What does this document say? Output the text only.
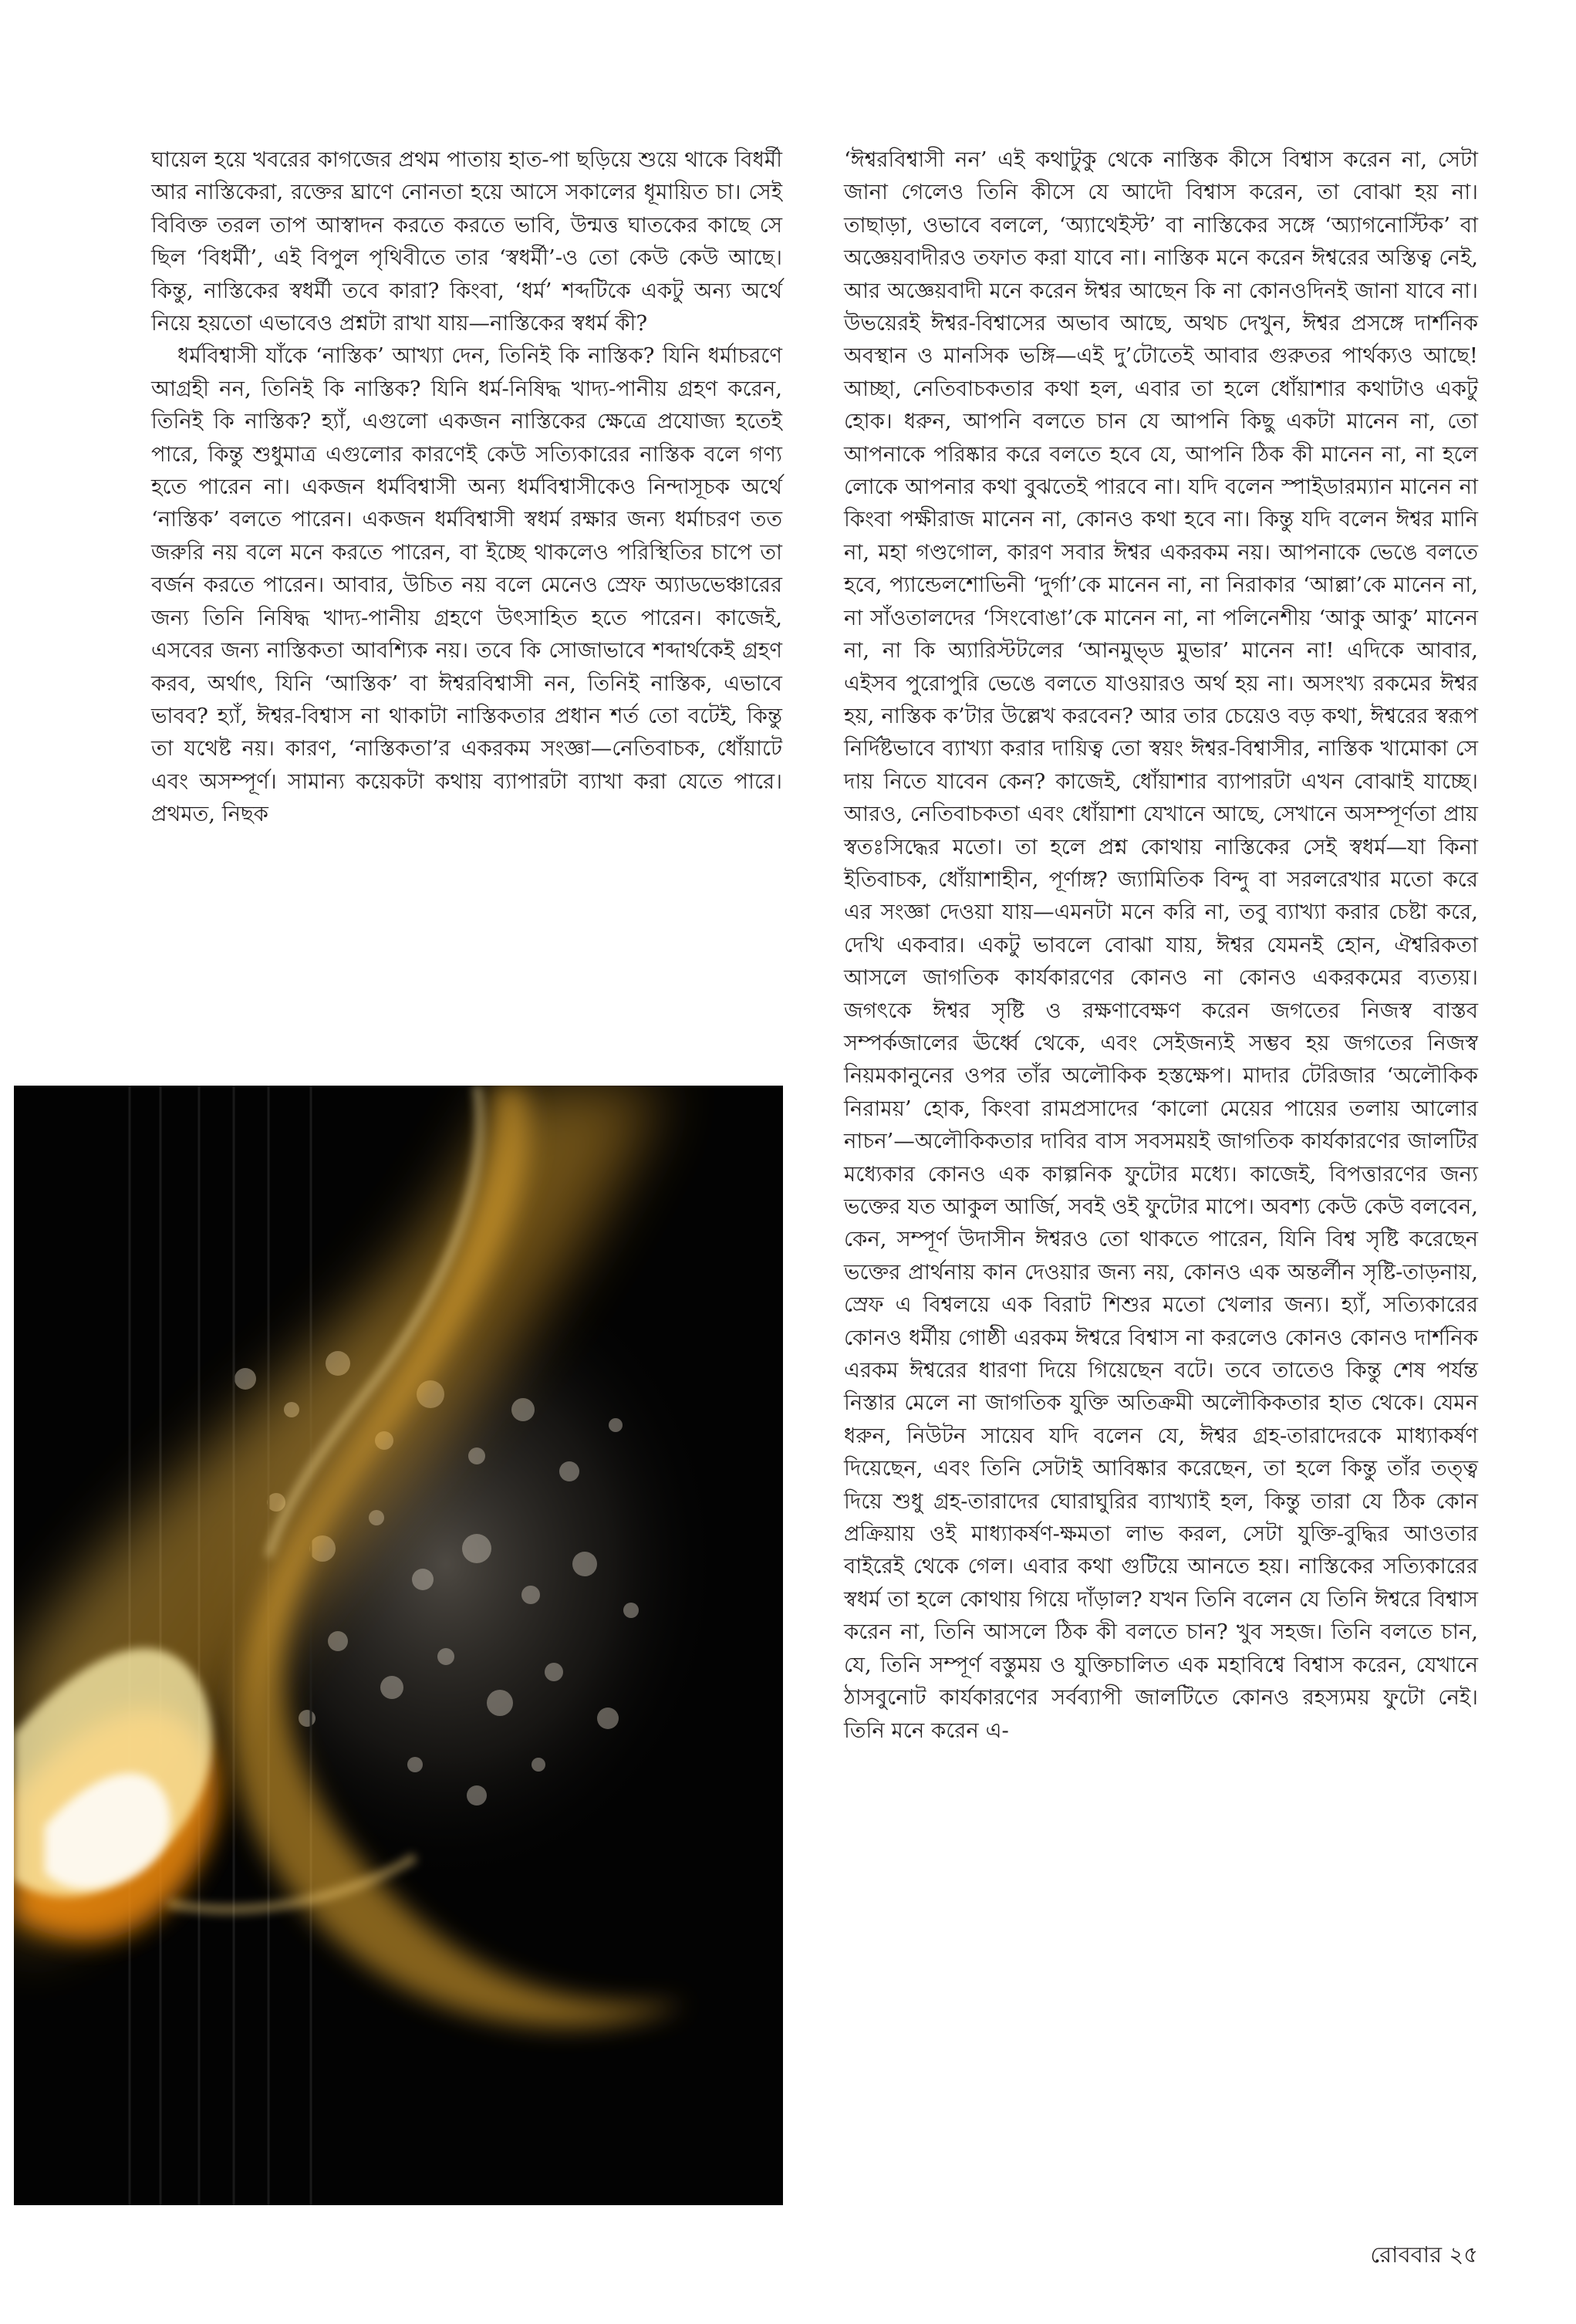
ঘায়েল হয়ে খবরের কাগজের প্রথম পাতায় হাত-পা ছড়িয়ে শুয়ে থাকে বিধর্মী আর নাস্তিকেরা, রক্তের ঘ্রাণে নোনতা হয়ে আসে সকালের ধূমায়িত চা। সেই বিবিক্ত তরল তাপ আস্বাদন করতে করতে ভাবি, উন্মত্ত ঘাতকের কাছে সে ছিল ‘বিধর্মী’, এই বিপুল পৃথিবীতে তার ‘স্বধর্মী’-ও তো কেউ কেউ আছে। কিন্তু, নাস্তিকের স্বধর্মী তবে কারা? কিংবা, ‘ধর্ম’ শব্দটিকে একটু অন্য অর্থে নিয়ে হয়তো এভাবেও প্রশ্নটা রাখা যায়—নাস্তিকের স্বধর্ম কী?

ধর্মবিশ্বাসী যাঁকে ‘নাস্তিক’ আখ্যা দেন, তিনিই কি নাস্তিক? যিনি ধর্মাচরণে আগ্রহী নন, তিনিই কি নাস্তিক? যিনি ধর্ম-নিষিদ্ধ খাদ্য-পানীয় গ্রহণ করেন, তিনিই কি নাস্তিক? হ্যাঁ, এগুলো একজন নাস্তিকের ক্ষেত্রে প্রযোজ্য হতেই পারে, কিন্তু শুধুমাত্র এগুলোর কারণেই কেউ সত্যিকারের নাস্তিক বলে গণ্য হতে পারেন না। একজন ধর্মবিশ্বাসী অন্য ধর্মবিশ্বাসীকেও নিন্দাসূচক অর্থে ‘নাস্তিক’ বলতে পারেন। একজন ধর্মবিশ্বাসী স্বধর্ম রক্ষার জন্য ধর্মাচরণ তত জরুরি নয় বলে মনে করতে পারেন, বা ইচ্ছে থাকলেও পরিস্থিতির চাপে তা বর্জন করতে পারেন। আবার, উচিত নয় বলে মেনেও স্রেফ অ্যাডভেঞ্চারের জন্য তিনি নিষিদ্ধ খাদ্য-পানীয় গ্রহণে উৎসাহিত হতে পারেন। কাজেই, এসবের জন্য নাস্তিকতা আবশ্যিক নয়। তবে কি সোজাভাবে শব্দার্থকেই গ্রহণ করব, অর্থাৎ, যিনি ‘আস্তিক’ বা ঈশ্বরবিশ্বাসী নন, তিনিই নাস্তিক, এভাবে ভাবব? হ্যাঁ, ঈশ্বর-বিশ্বাস না থাকাটা নাস্তিকতার প্রধান শর্ত তো বটেই, কিন্তু তা যথেষ্ট নয়। কারণ, ‘নাস্তিকতা’র একরকম সংজ্ঞা—নেতিবাচক, ধোঁয়াটে এবং অসম্পূর্ণ। সামান্য কয়েকটা কথায় ব্যাপারটা ব্যাখা করা যেতে পারে। প্রথমত, নিছক

‘ঈশ্বরবিশ্বাসী নন’ এই কথাটুকু থেকে নাস্তিক কীসে বিশ্বাস করেন না, সেটা জানা গেলেও তিনি কীসে যে আদৌ বিশ্বাস করেন, তা বোঝা হয় না। তাছাড়া, ওভাবে বললে, ‘অ্যাথেইস্ট’ বা নাস্তিকের সঙ্গে ‘অ্যাগনোস্টিক’ বা অজ্ঞেয়বাদীরও তফাত করা যাবে না। নাস্তিক মনে করেন ঈশ্বরের অস্তিত্ব নেই, আর অজ্ঞেয়বাদী মনে করেন ঈশ্বর আছেন কি না কোনওদিনই জানা যাবে না। উভয়েরই ঈশ্বর-বিশ্বাসের অভাব আছে, অথচ দেখুন, ঈশ্বর প্রসঙ্গে দার্শনিক অবস্থান ও মানসিক ভঙ্গি—এই দু’টোতেই আবার গুরুতর পার্থক্যও আছে! আচ্ছা, নেতিবাচকতার কথা হল, এবার তা হলে ধোঁয়াশার কথাটাও একটু হোক। ধরুন, আপনি বলতে চান যে আপনি কিছু একটা মানেন না, তো আপনাকে পরিষ্কার করে বলতে হবে যে, আপনি ঠিক কী মানেন না, না হলে লোকে আপনার কথা বুঝতেই পারবে না। যদি বলেন স্পাইডারম্যান মানেন না কিংবা পক্ষীরাজ মানেন না, কোনও কথা হবে না। কিন্তু যদি বলেন ঈশ্বর মানি না, মহা গণ্ডগোল, কারণ সবার ঈশ্বর একরকম নয়। আপনাকে ভেঙে বলতে হবে, প্যান্ডেলশোভিনী ‘দুর্গা’কে মানেন না, না নিরাকার ‘আল্লা’কে মানেন না, না সাঁওতালদের ‘সিংবোঙা’কে মানেন না, না পলিনেশীয় ‘আকু আকু’ মানেন না, না কি অ্যারিস্টটলের ‘আনমুভ্ড মুভার’ মানেন না! এদিকে আবার, এইসব পুরোপুরি ভেঙে বলতে যাওয়ারও অর্থ হয় না। অসংখ্য রকমের ঈশ্বর হয়, নাস্তিক ক’টার উল্লেখ করবেন? আর তার চেয়েও বড় কথা, ঈশ্বরের স্বরূপ নির্দিষ্টভাবে ব্যাখ্যা করার দায়িত্ব তো স্বয়ং ঈশ্বর-বিশ্বাসীর, নাস্তিক খামোকা সে দায় নিতে যাবেন কেন? কাজেই, ধোঁয়াশার ব্যাপারটা এখন বোঝাই যাচ্ছে। আরও, নেতিবাচকতা এবং ধোঁয়াশা যেখানে আছে, সেখানে অসম্পূর্ণতা প্রায় স্বতঃসিদ্ধের মতো। তা হলে প্রশ্ন কোথায় নাস্তিকের সেই স্বধর্ম—যা কিনা ইতিবাচক, ধোঁয়াশাহীন, পূর্ণাঙ্গ? জ্যামিতিক বিন্দু বা সরলরেখার মতো করে এর সংজ্ঞা দেওয়া যায়—এমনটা মনে করি না, তবু ব্যাখ্যা করার চেষ্টা করে, দেখি একবার। একটু ভাবলে বোঝা যায়, ঈশ্বর যেমনই হোন, ঐশ্বরিকতা আসলে জাগতিক কার্যকারণের কোনও না কোনও একরকমের ব্যত্যয়। জগৎকে ঈশ্বর সৃষ্টি ও রক্ষণাবেক্ষণ করেন জগতের নিজস্ব বাস্তব সম্পর্কজালের ঊর্ধ্বে থেকে, এবং সেইজন্যই সম্ভব হয় জগতের নিজস্ব নিয়মকানুনের ওপর তাঁর অলৌকিক হস্তক্ষেপ। মাদার টেরিজার ‘অলৌকিক নিরাময়’ হোক, কিংবা রামপ্রসাদের ‘কালো মেয়ের পায়ের তলায় আলোর নাচন’—অলৌকিকতার দাবির বাস সবসময়ই জাগতিক কার্যকারণের জালটির মধ্যেকার কোনও এক কাল্পনিক ফুটোর মধ্যে। কাজেই, বিপত্তারণের জন্য ভক্তের যত আকুল আর্জি, সবই ওই ফুটোর মাপে। অবশ্য কেউ কেউ বলবেন, কেন, সম্পূর্ণ উদাসীন ঈশ্বরও তো থাকতে পারেন, যিনি বিশ্ব সৃষ্টি করেছেন ভক্তের প্রার্থনায় কান দেওয়ার জন্য নয়, কোনও এক অন্তর্লীন সৃষ্টি-তাড়নায়, স্রেফ এ বিশ্বলয়ে এক বিরাট শিশুর মতো খেলার জন্য। হ্যাঁ, সত্যিকারের কোনও ধর্মীয় গোষ্ঠী এরকম ঈশ্বরে বিশ্বাস না করলেও কোনও কোনও দার্শনিক এরকম ঈশ্বরের ধারণা দিয়ে গিয়েছেন বটে। তবে তাতেও কিন্তু শেষ পর্যন্ত নিস্তার মেলে না জাগতিক যুক্তি অতিক্রমী অলৌকিকতার হাত থেকে। যেমন ধরুন, নিউটন সায়েব যদি বলেন যে, ঈশ্বর গ্রহ-তারাদেরকে মাধ্যাকর্ষণ দিয়েছেন, এবং তিনি সেটাই আবিষ্কার করেছেন, তা হলে কিন্তু তাঁর তত্ত্ব দিয়ে শুধু গ্রহ-তারাদের ঘোরাঘুরির ব্যাখ্যাই হল, কিন্তু তারা যে ঠিক কোন প্রক্রিয়ায় ওই মাধ্যাকর্ষণ-ক্ষমতা লাভ করল, সেটা যুক্তি-বুদ্ধির আওতার বাইরেই থেকে গেল। এবার কথা গুটিয়ে আনতে হয়। নাস্তিকের সত্যিকারের স্বধর্ম তা হলে কোথায় গিয়ে দাঁড়াল? যখন তিনি বলেন যে তিনি ঈশ্বরে বিশ্বাস করেন না, তিনি আসলে ঠিক কী বলতে চান? খুব সহজ। তিনি বলতে চান, যে, তিনি সম্পূর্ণ বস্তুময় ও যুক্তিচালিত এক মহাবিশ্বে বিশ্বাস করেন, যেখানে ঠাসবুনোট কার্যকারণের সর্বব্যাপী জালটিতে কোনও রহস্যময় ফুটো নেই। তিনি মনে করেন এ-

রোববার ২৫
